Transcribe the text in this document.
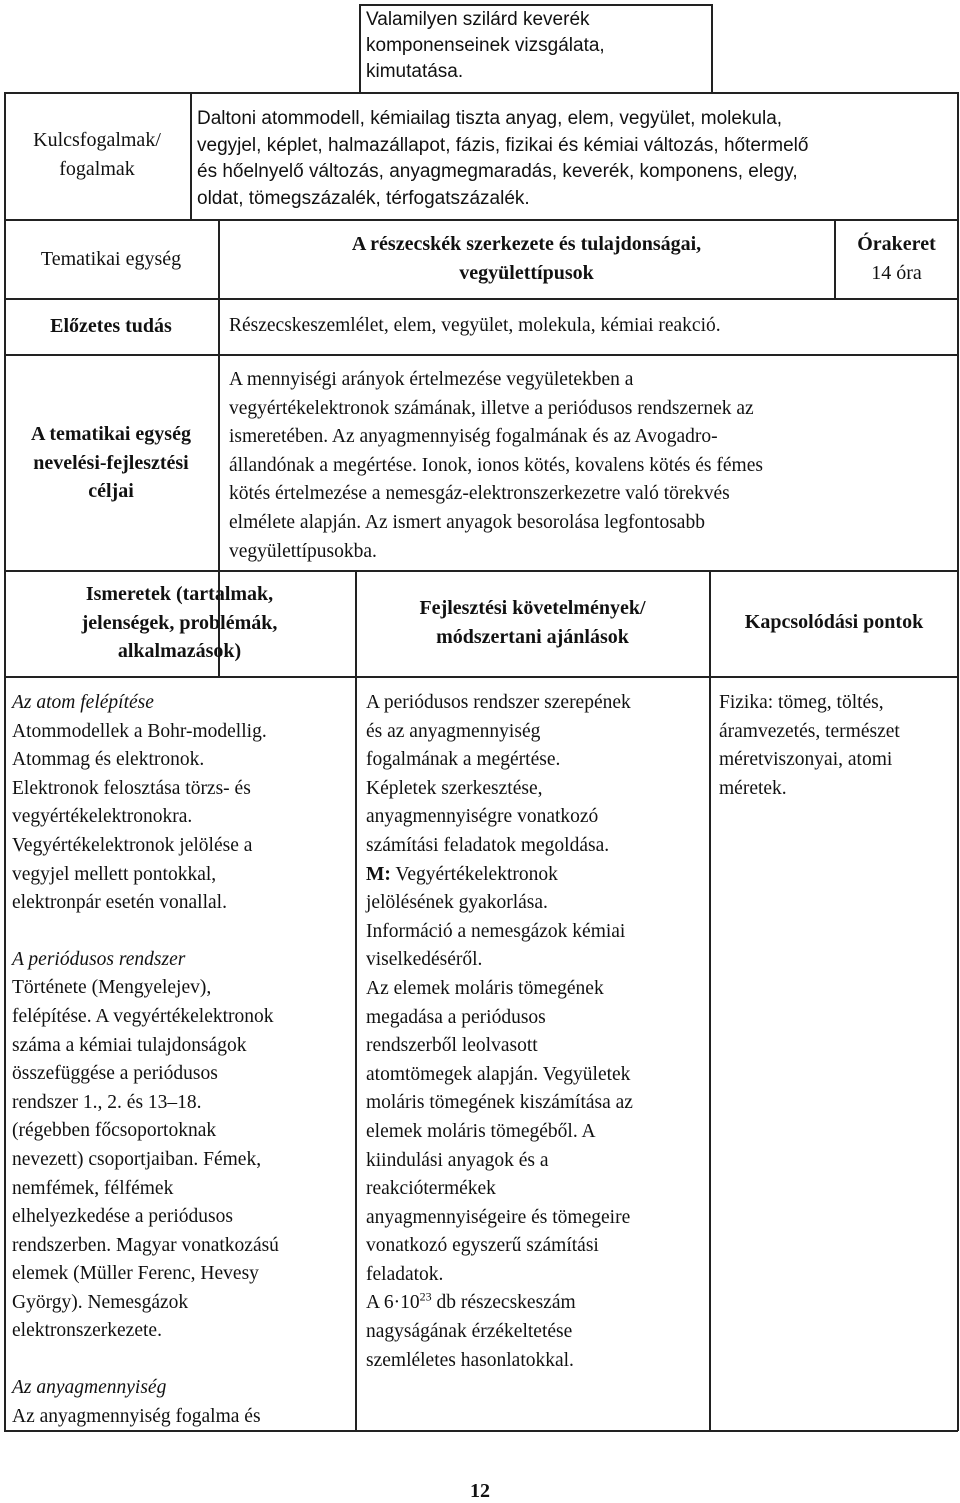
Valamilyen szilárd keverék
komponenseinek vizsgálata,
kimutatása.
Kulcsfogalmak/
fogalmak
Daltoni atommodell, kémiailag tiszta anyag, elem, vegyület, molekula,
vegyjel, képlet, halmazállapot, fázis, fizikai és kémiai változás, hőtermelő
és hőelnyelő változás, anyagmegmaradás, keverék, komponens, elegy,
oldat, tömegszázalék, térfogatszázalék.
Tematikai egység
A részecskék szerkezete és tulajdonságai,
vegyülettípusok
Órakeret
14 óra
Előzetes tudás	Részecskeszemlélet, elem, vegyület, molekula, kémiai reakció.
A tematikai egység
nevelési-fejlesztési
céljai
A mennyiségi arányok értelmezése vegyületekben a
vegyértékelektronok számának, illetve a periódusos rendszernek az
ismeretében. Az anyagmennyiség fogalmának és az Avogadro-
állandónak a megértése. Ionok, ionos kötés, kovalens kötés és fémes
kötés értelmezése a nemesgáz-elektronszerkezetre való törekvés
elmélete alapján. Az ismert anyagok besorolása legfontosabb
vegyülettípusokba.
Ismeretek (tartalmak,
jelenségek, problémák,
alkalmazások)
Fejlesztési követelmények/
módszertani ajánlások
Kapcsolódási pontok
Az atom felépítése
Atommodellek a Bohr-modellig.
Atommag és elektronok.
Elektronok felosztása törzs- és
vegyértékelektronokra.
Vegyértékelektronok jelölése a
vegyjel mellett pontokkal,
elektronpár esetén vonallal.
A periódusos rendszer
Története (Mengyelejev),
felépítése. A vegyértékelektronok
száma a kémiai tulajdonságok
összefüggése a periódusos
rendszer 1., 2. és 13–18.
(régebben főcsoportoknak
nevezett) csoportjaiban. Fémek,
nemfémek, félfémek
elhelyezkedése a periódusos
rendszerben. Magyar vonatkozású
elemek (Müller Ferenc, Hevesy
György). Nemesgázok
elektronszerkezete.
Az anyagmennyiség
Az anyagmennyiség fogalma és
A periódusos rendszer szerepének
és az anyagmennyiség
fogalmának a megértése.
Képletek szerkesztése,
anyagmennyiségre vonatkozó
számítási feladatok megoldása.
M: Vegyértékelektronok
jelölésének gyakorlása.
Információ a nemesgázok kémiai
viselkedéséről.
Az elemek moláris tömegének
megadása a periódusos
rendszerből leolvasott
atomtömegek alapján. Vegyületek
moláris tömegének kiszámítása az
elemek moláris tömegéből. A
kiindulási anyagok és a
reakciótermékek
anyagmennyiségeire és tömegeire
vonatkozó egyszerű számítási
feladatok.
A $6\cdot 10^{23}$ db részecskeszám
nagyságának érzékeltetése
szemléletes hasonlatokkal.
Fizika: tömeg, töltés,
áramvezetés, természet
méretviszonyai, atomi
méretek.
12
